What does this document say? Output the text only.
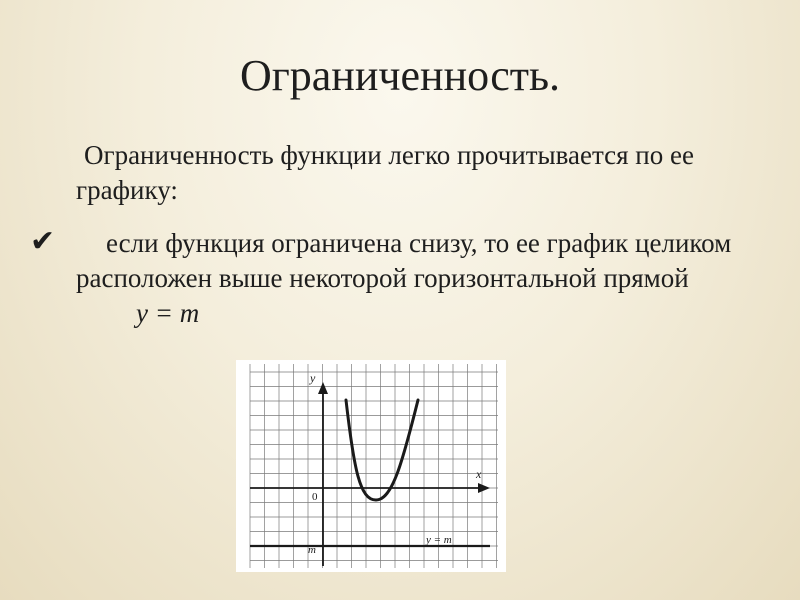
Ограниченность.

Ограниченность функции легко прочитывается по ее графику:

✔	если функция ограничена снизу, то ее график целиком расположен выше некоторой горизонтальной прямойy = m

y
x
0
m
y = m
